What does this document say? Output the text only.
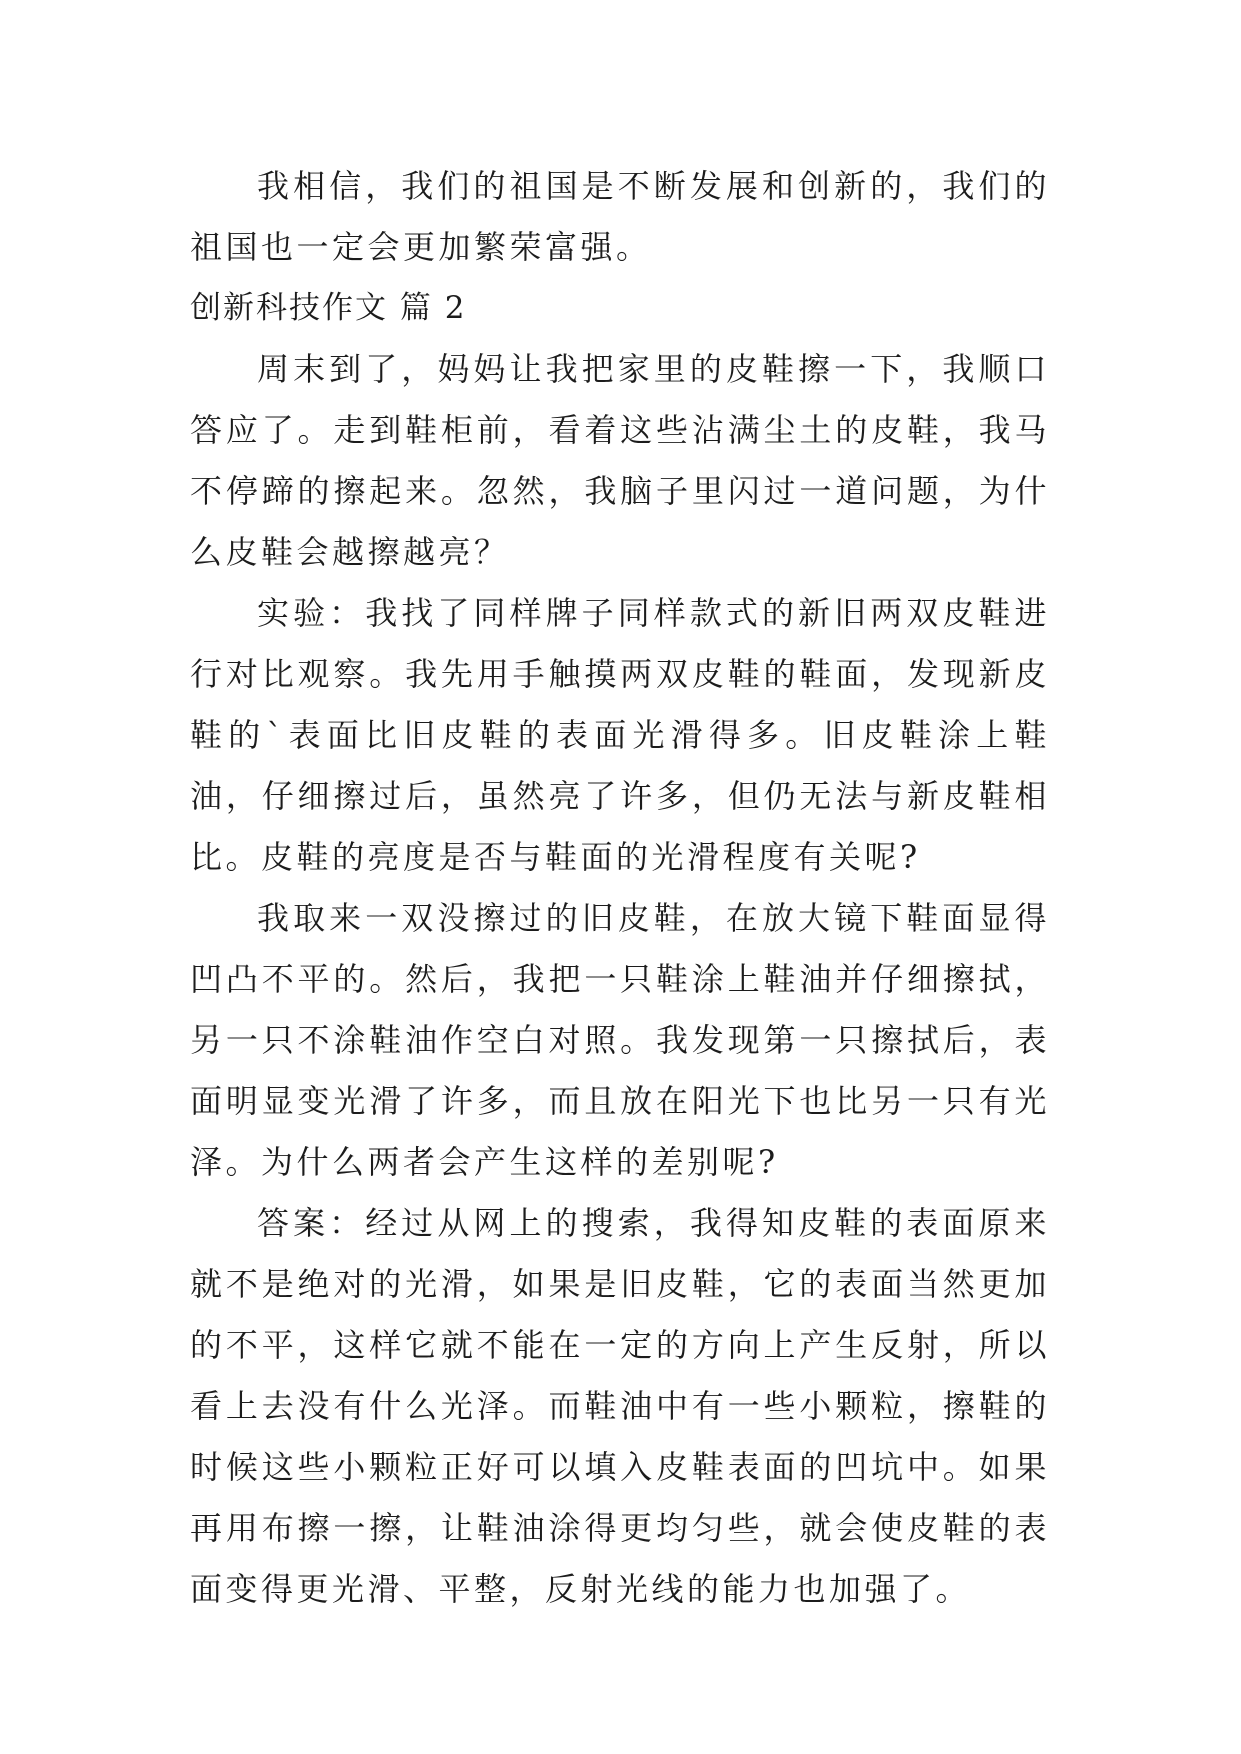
我相信，我们的祖国是不断发展和创新的，我们的祖国也一定会更加繁荣富强。

创新科技作文 篇 2

周末到了，妈妈让我把家里的皮鞋擦一下，我顺口答应了。走到鞋柜前，看着这些沾满尘土的皮鞋，我马不停蹄的擦起来。忽然，我脑子里闪过一道问题，为什么皮鞋会越擦越亮？

实验：我找了同样牌子同样款式的新旧两双皮鞋进行对比观察。我先用手触摸两双皮鞋的鞋面，发现新皮鞋的`表面比旧皮鞋的表面光滑得多。旧皮鞋涂上鞋油，仔细擦过后，虽然亮了许多，但仍无法与新皮鞋相比。皮鞋的亮度是否与鞋面的光滑程度有关呢?

我取来一双没擦过的旧皮鞋，在放大镜下鞋面显得凹凸不平的。然后，我把一只鞋涂上鞋油并仔细擦拭，另一只不涂鞋油作空白对照。我发现第一只擦拭后，表面明显变光滑了许多，而且放在阳光下也比另一只有光泽。为什么两者会产生这样的差别呢?

答案：经过从网上的搜索，我得知皮鞋的表面原来就不是绝对的光滑，如果是旧皮鞋，它的表面当然更加的不平，这样它就不能在一定的方向上产生反射，所以看上去没有什么光泽。而鞋油中有一些小颗粒，擦鞋的时候这些小颗粒正好可以填入皮鞋表面的凹坑中。如果再用布擦一擦，让鞋油涂得更均匀些，就会使皮鞋的表面变得更光滑、平整，反射光线的能力也加强了。
